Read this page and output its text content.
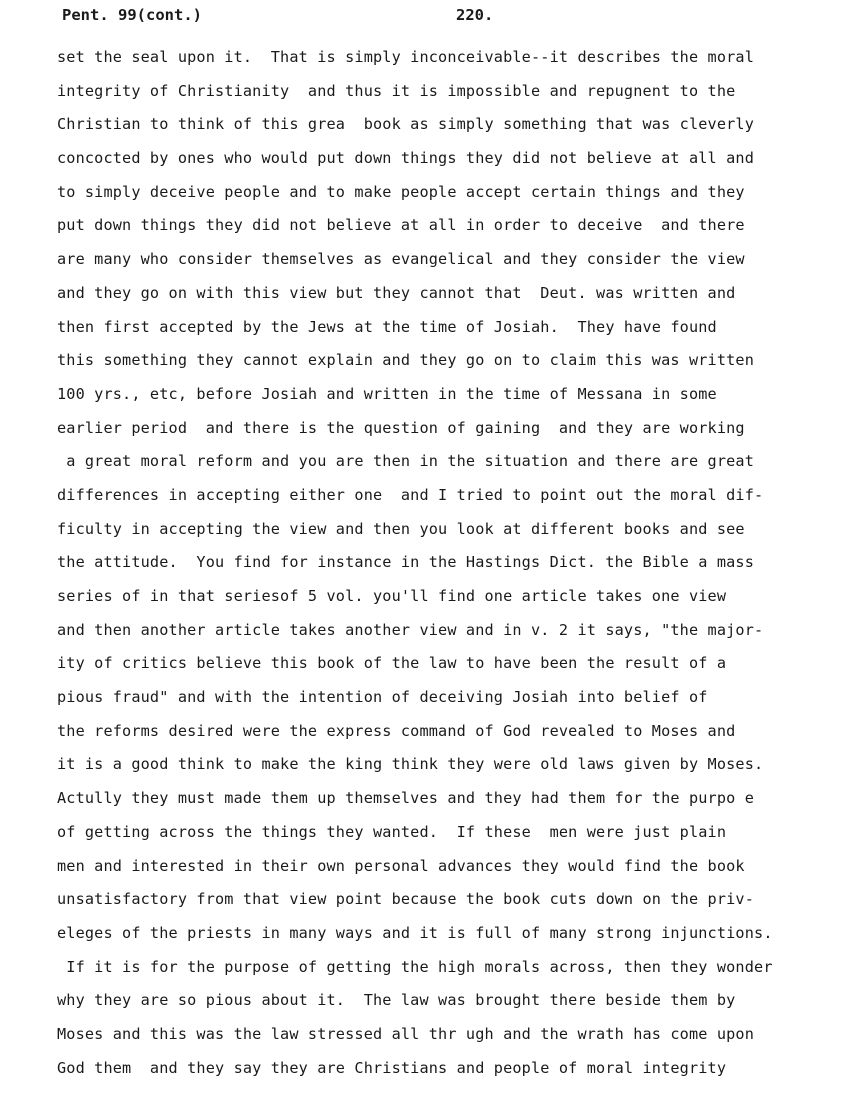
Pent. 99(cont.)	220.
set the seal upon it.  That is simply inconceivable--it describes the moral
integrity of Christianity  and thus it is impossible and repugnent to the
Christian to think of this grea  book as simply something that was cleverly
concocted by ones who would put down things they did not believe at all and
to simply deceive people and to make people accept certain things and they
put down things they did not believe at all in order to deceive  and there
are many who consider themselves as evangelical and they consider the view
and they go on with this view but they cannot that  Deut. was written and
then first accepted by the Jews at the time of Josiah.  They have found
this something they cannot explain and they go on to claim this was written
100 yrs., etc, before Josiah and written in the time of Messana in some
earlier period  and there is the question of gaining  and they are working
a great moral reform and you are then in the situation and there are great
differences in accepting either one  and I tried to point out the moral dif-
ficulty in accepting the view and then you look at different books and see
the attitude.  You find for instance in the Hastings Dict. the Bible a mass
series of in that seriesof 5 vol. you'll find one article takes one view
and then another article takes another view and in v. 2 it says, "the major-
ity of critics believe this book of the law to have been the result of a
pious fraud" and with the intention of deceiving Josiah into belief of
the reforms desired were the express command of God revealed to Moses and
it is a good think to make the king think they were old laws given by Moses.
Actully they must made them up themselves and they had them for the purpo e
of getting across the things they wanted.  If these  men were just plain
men and interested in their own personal advances they would find the book
unsatisfactory from that view point because the book cuts down on the priv-
eleges of the priests in many ways and it is full of many strong injunctions.
If it is for the purpose of getting the high morals across, then they wonder
why they are so pious about it.  The law was brought there beside them by
Moses and this was the law stressed all thr ugh and the wrath has come upon
God them  and they say they are Christians and people of moral integrity
